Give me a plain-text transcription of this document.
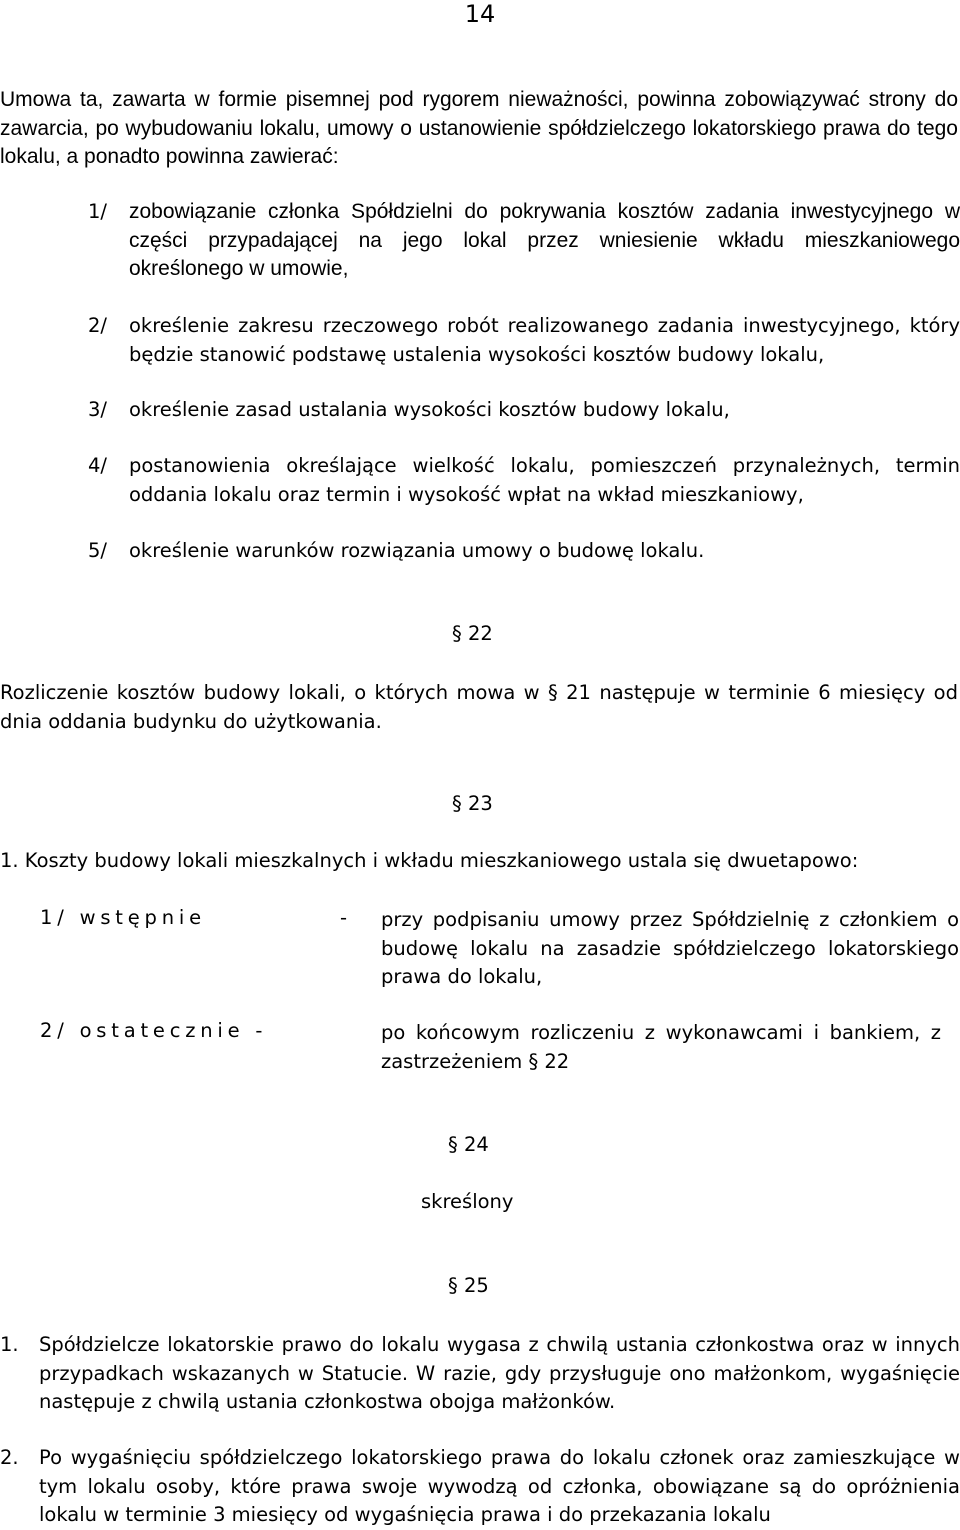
14
Umowa ta, zawarta w formie pisemnej pod rygorem nieważności, powinna zobowiązywać strony do zawarcia, po wybudowaniu lokalu, umowy o ustanowienie spółdzielczego lokatorskiego prawa do tego lokalu, a ponadto powinna zawierać:
1/ zobowiązanie członka Spółdzielni do pokrywania kosztów zadania inwestycyjnego w części przypadającej na jego lokal przez wniesienie wkładu mieszkaniowego określonego w umowie,
2/ określenie zakresu rzeczowego robót realizowanego zadania inwestycyjnego, który będzie stanowić podstawę ustalenia wysokości kosztów budowy lokalu,
3/ określenie zasad ustalania wysokości kosztów budowy lokalu,
4/ postanowienia określające wielkość lokalu, pomieszczeń przynależnych, termin oddania lokalu oraz termin i wysokość wpłat na wkład mieszkaniowy,
5/ określenie warunków rozwiązania umowy o budowę lokalu.
§ 22
Rozliczenie kosztów budowy lokali, o których mowa w § 21 następuje w terminie 6 miesięcy od dnia oddania budynku do użytkowania.
§ 23
1. Koszty budowy lokali mieszkalnych i wkładu mieszkaniowego ustala się dwuetapowo:
1/ wstępnie	- przy podpisaniu umowy przez Spółdzielnię z członkiem o budowę lokalu na zasadzie spółdzielczego lokatorskiego prawa do lokalu,
2/ ostatecznie -	po końcowym rozliczeniu z wykonawcami i bankiem, z zastrzeżeniem § 22
§ 24
skreślony
§ 25
1. Spółdzielcze lokatorskie prawo do lokalu wygasa z chwilą ustania członkostwa oraz w innych przypadkach wskazanych w Statucie. W razie, gdy przysługuje ono małżonkom, wygaśnięcie następuje z chwilą ustania członkostwa obojga małżonków.
2. Po wygaśnięciu spółdzielczego lokatorskiego prawa do lokalu członek oraz zamieszkujące w tym lokalu osoby, które prawa swoje wywodzą od członka, obowiązane są do opróżnienia lokalu w terminie 3 miesięcy od wygaśnięcia prawa i do przekazania lokalu
